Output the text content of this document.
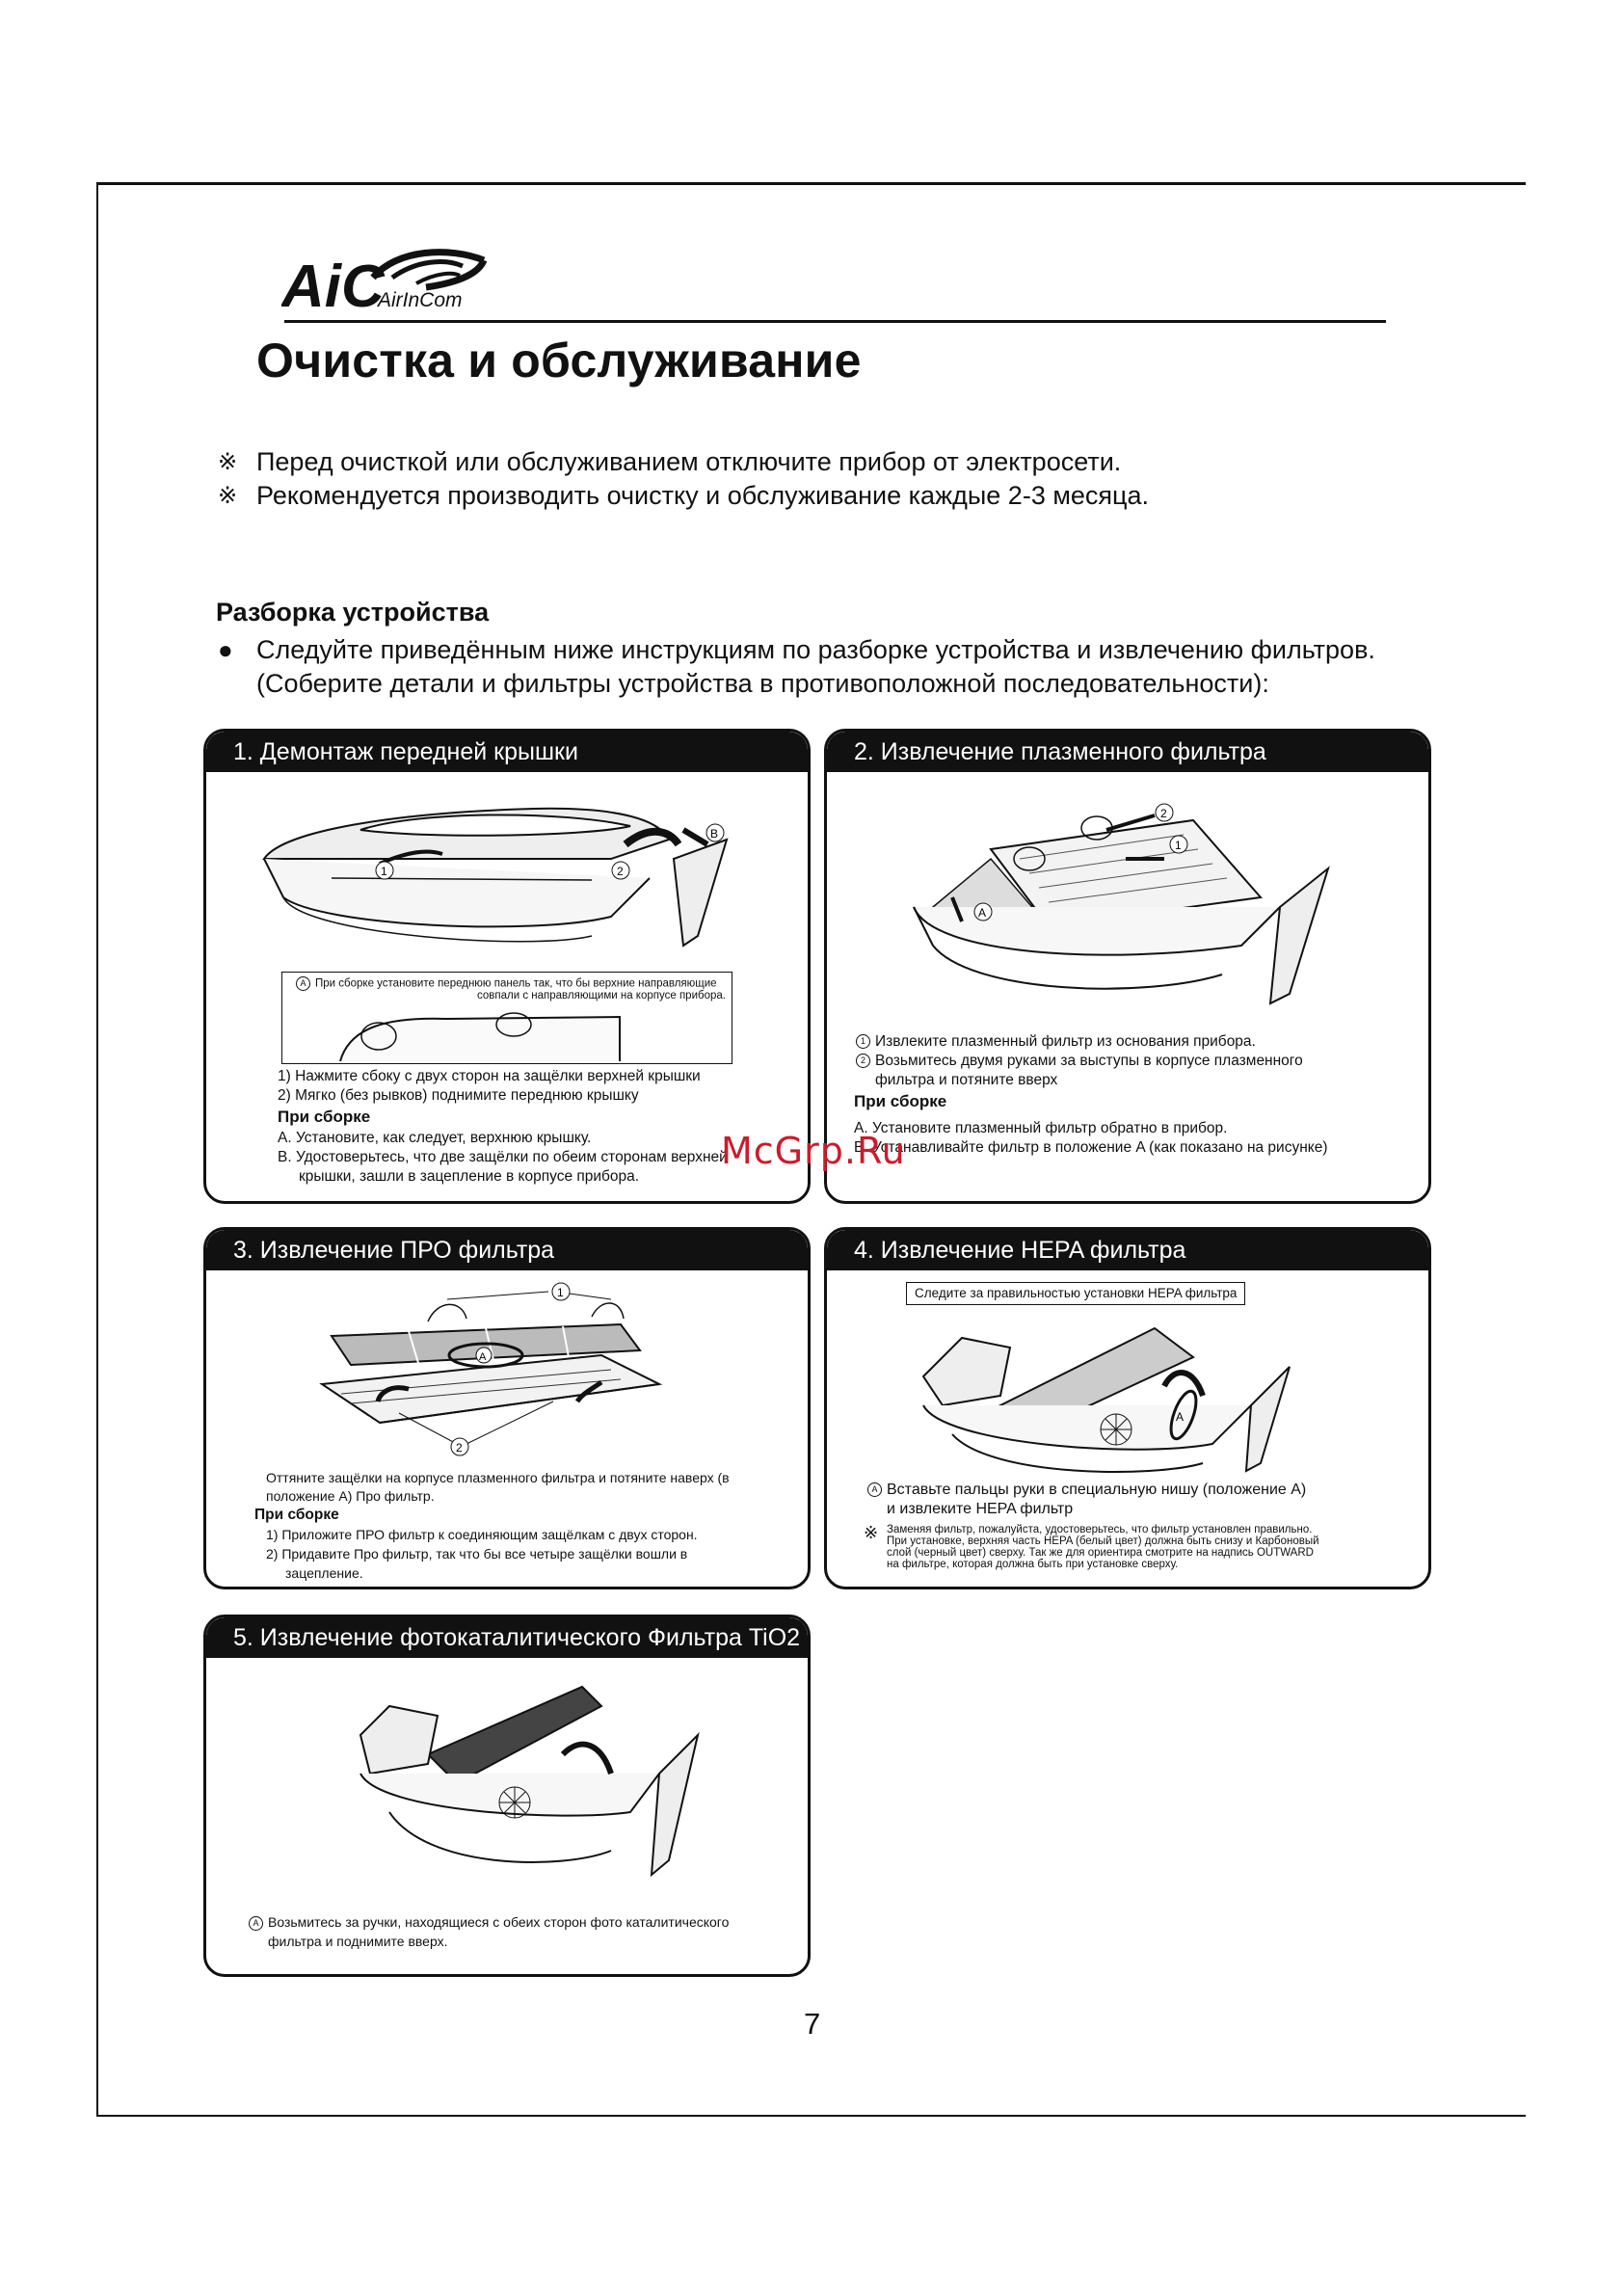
AiC
AirInCom
Очистка и обслуживание
※ Перед очисткой или обслуживанием отключите прибор от электросети.
※ Рекомендуется производить очистку и обслуживание каждые 2-3 месяца.
Разборка устройства
● Следуйте приведённым ниже инструкциям по разборке устройства и извлечению фильтров.
(Соберите детали и фильтры устройства в противоположной последовательности):
1. Демонтаж передней крышки
1	2
B
A При сборке установите переднюю панель так, что бы верхние направляющие
совпали с направляющими на корпусе прибора.
1) Нажмите сбоку с двух сторон на защёлки верхней крышки
2) Мягко (без рывков) поднимите переднюю крышку
При сборке
A. Установите, как следует, верхнюю крышку.
B. Удостоверьтесь, что две защёлки по обеим сторонам верхней
крышки, зашли в зацепление в корпусе прибора.
2. Извлечение плазменного фильтра
2
1
A
1 Извлеките плазменный фильтр из основания прибора.
2 Возьмитесь двумя руками за выступы в корпусе плазменного
фильтра и потяните вверх
При сборке
A. Установите плазменный фильтр обратно в прибор.
B. Устанавливайте фильтр в положение A (как показано на рисунке)
3. Извлечение ПРО фильтра
1
A
2
Оттяните защёлки на корпусе плазменного фильтра и потяните наверх (в
положение A) Про фильтр.
При сборке
1) Приложите ПРО фильтр к соединяющим защёлкам с двух сторон.
2) Придавите Про фильтр, так что бы все четыре защёлки вошли в
зацепление.
4. Извлечение HEPA фильтра
Следите за правильностью установки HEPA фильтра
A
A Вставьте пальцы руки в специальную нишу (положение A)
и извлеките HEPA фильтр
※ Заменяя фильтр, пожалуйста, удостоверьтесь, что фильтр установлен правильно.
При установке, верхняя часть HEPA (белый цвет) должна быть снизу и Карбоновый
слой (черный цвет) сверху. Так же для ориентира смотрите на надпись OUTWARD
на фильтре, которая должна быть при установке сверху.
5. Извлечение фотокаталитического Фильтра TiO2
A Возьмитесь за ручки, находящиеся с обеих сторон фото каталитического
фильтра и поднимите вверх.
McGrp.Ru
7
